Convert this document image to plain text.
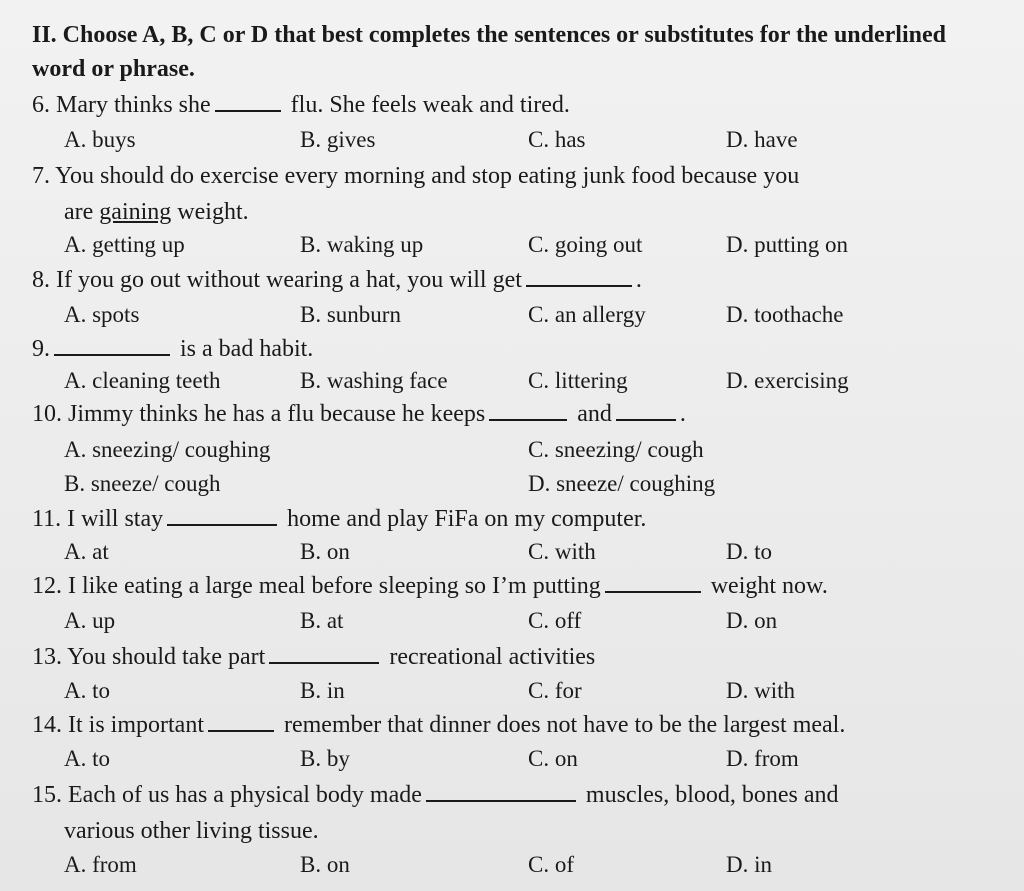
II. Choose A, B, C or D that best completes the sentences or substitutes for the underlined word or phrase.
6. Mary thinks she	flu. She feels weak and tired.
A. buys	B. gives	C. has	D. have
7. You should do exercise every morning and stop eating junk food because you
are gaining weight.
A. getting up	B. waking up	C. going out	D. putting on
8. If you go out without wearing a hat, you will get	.
A. spots	B. sunburn	C. an allergy	D. toothache
9.	is a bad habit.
A. cleaning teeth	B. washing face	C. littering	D. exercising
10. Jimmy thinks he has a flu because he keeps	and	.
A. sneezing/ coughing	C. sneezing/ cough
B. sneeze/ cough	D. sneeze/ coughing
11. I will stay	home and play FiFa on my computer.
A. at	B. on	C. with	D. to
12. I like eating a large meal before sleeping so I’m putting	weight now.
A. up	B. at	C. off	D. on
13. You should take part	recreational activities
A. to	B. in	C. for	D. with
14. It is important	remember that dinner does not have to be the largest meal.
A. to	B. by	C. on	D. from
15. Each of us has a physical body made	muscles, blood, bones and
various other living tissue.
A. from	B. on	C. of	D. in
